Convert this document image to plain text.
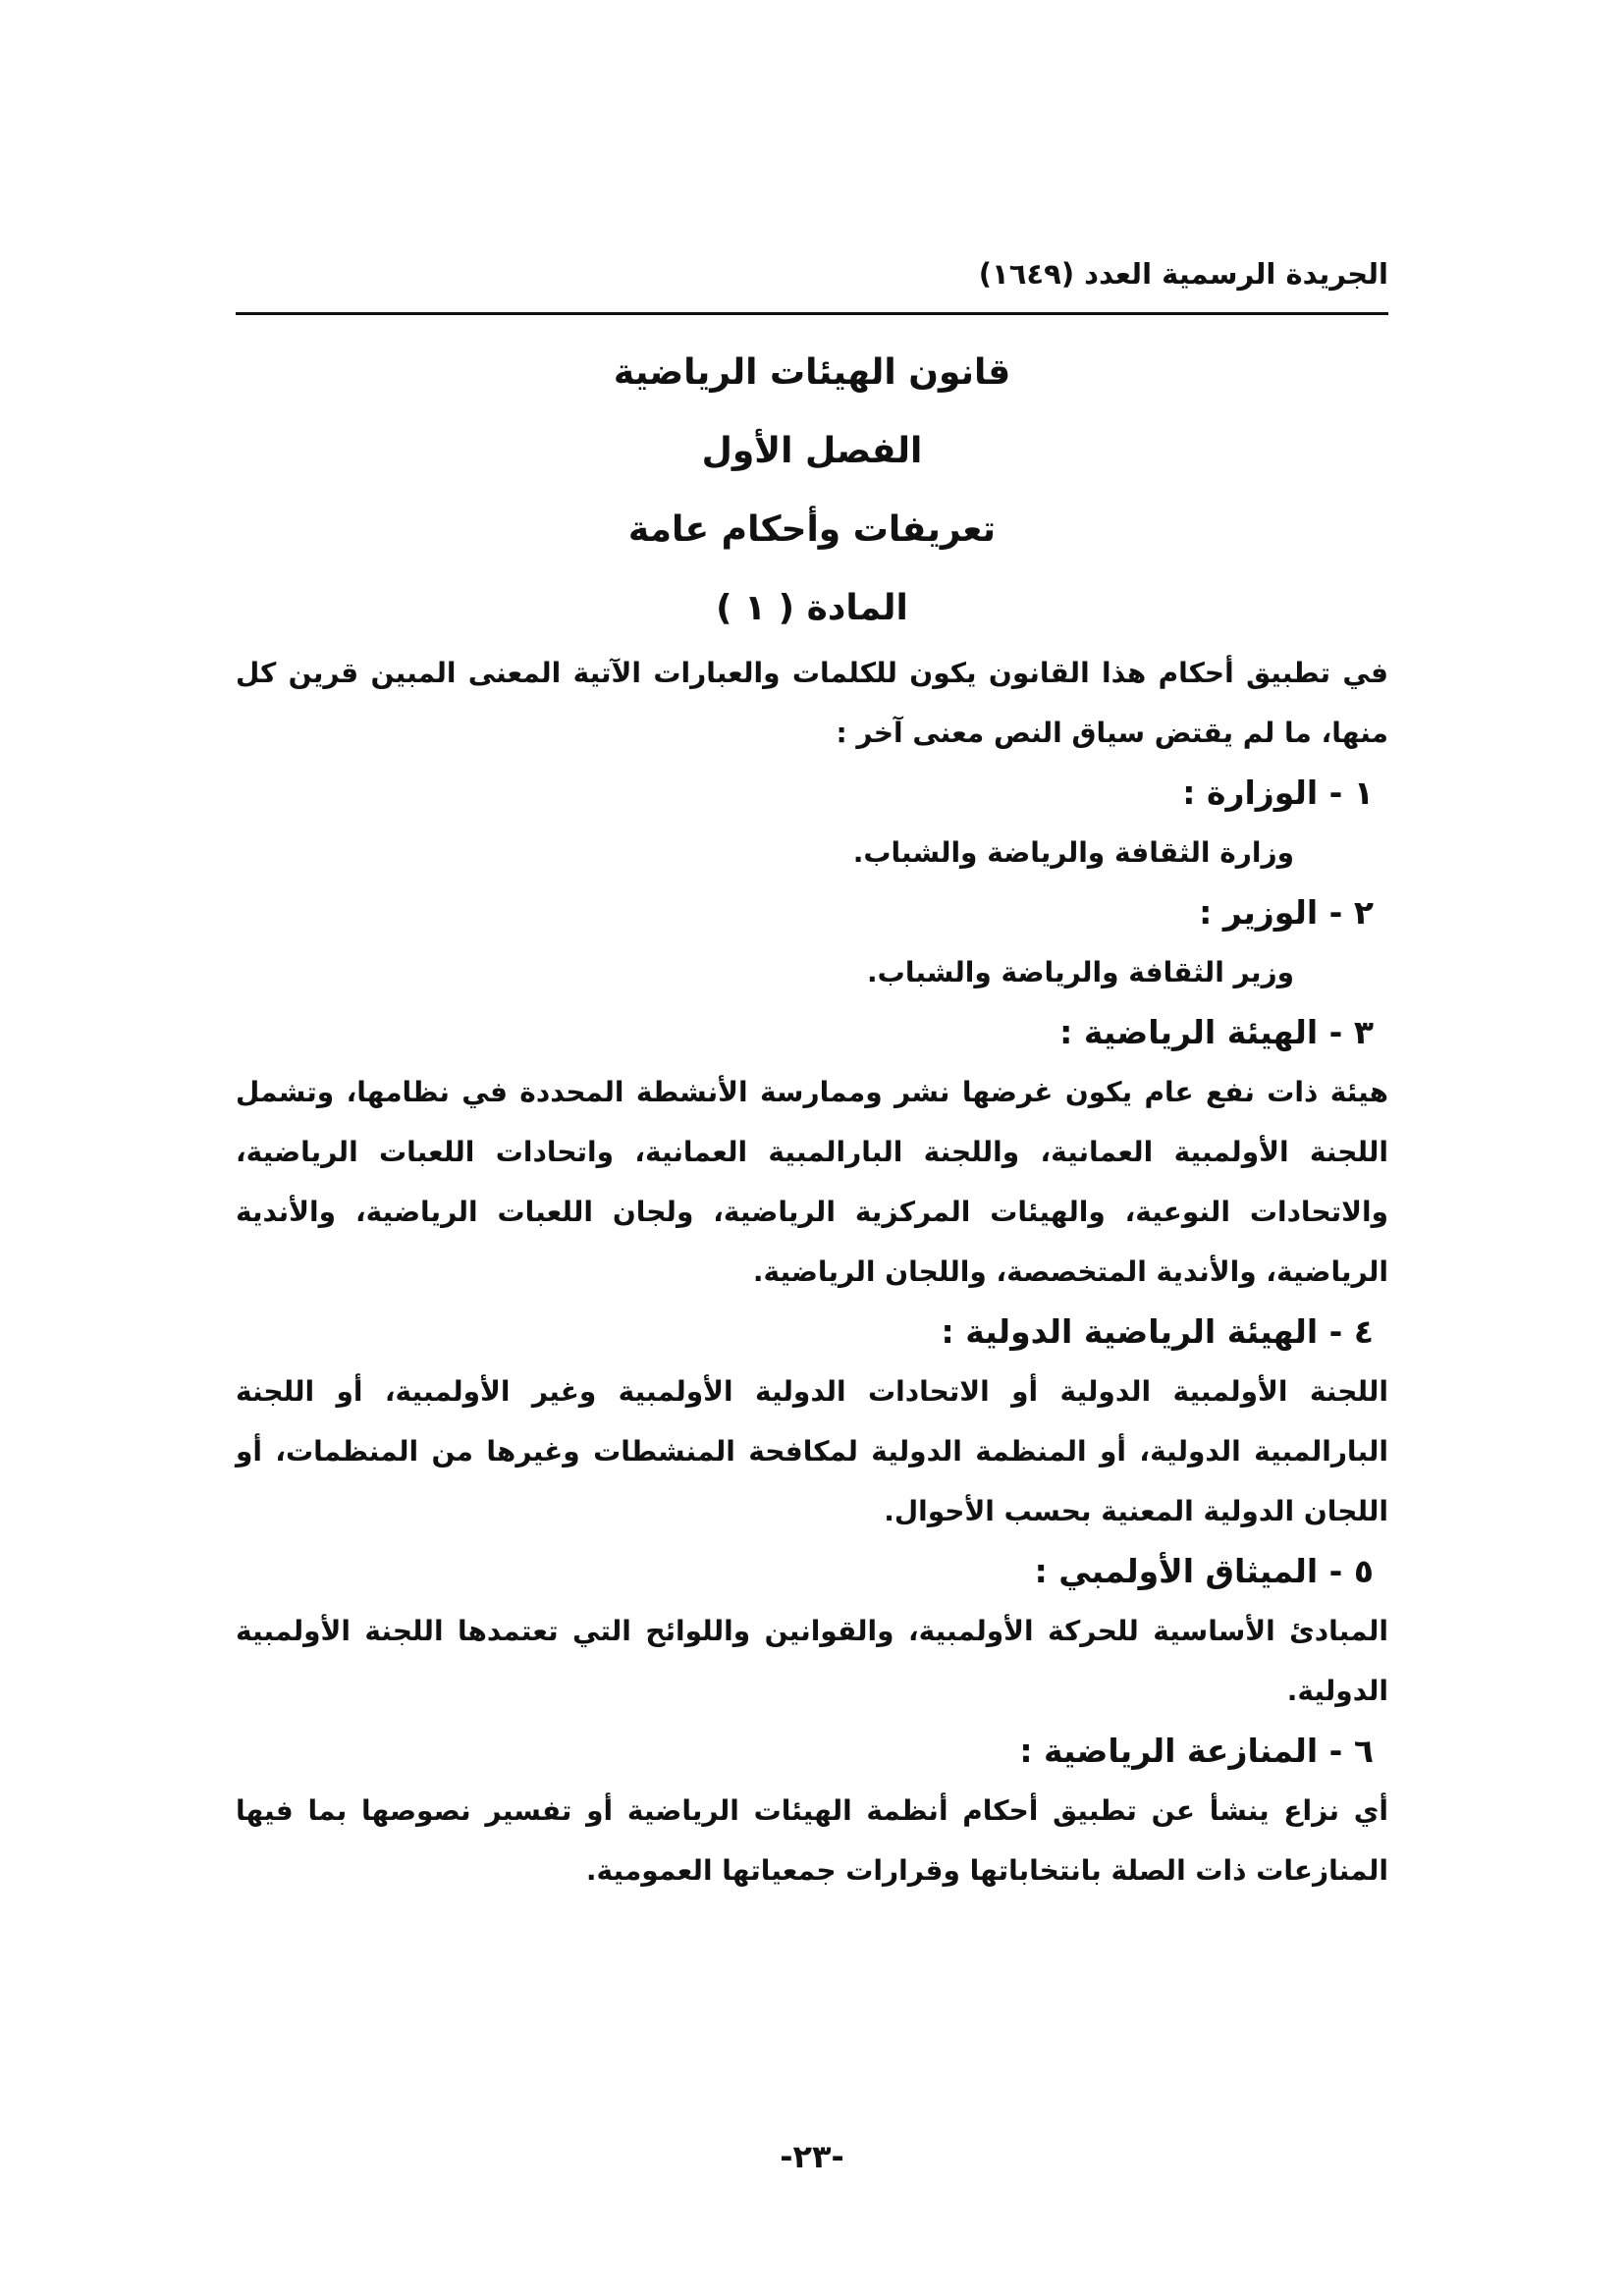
الجريدة الرسمية العدد (١٦٤٩)
قانون الهيئات الرياضية
الفصل الأول
تعريفات وأحكام عامة
المادة ( ١ )

في تطبيق أحكام هذا القانون يكون للكلمات والعبارات الآتية المعنى المبين قرين كل منها، ما لم يقتض سياق النص معنى آخر :

١ - الوزارة :

وزارة الثقافة والرياضة والشباب.

٢ - الوزير :

وزير الثقافة والرياضة والشباب.

٣ - الهيئة الرياضية :

هيئة ذات نفع عام يكون غرضها نشر وممارسة الأنشطة المحددة في نظامها، وتشمل اللجنة الأولمبية العمانية، واللجنة البارالمبية العمانية، واتحادات اللعبات الرياضية، والاتحادات النوعية، والهيئات المركزية الرياضية، ولجان اللعبات الرياضية، والأندية الرياضية، والأندية المتخصصة، واللجان الرياضية.

٤ - الهيئة الرياضية الدولية :

اللجنة الأولمبية الدولية أو الاتحادات الدولية الأولمبية وغير الأولمبية، أو اللجنة البارالمبية الدولية، أو المنظمة الدولية لمكافحة المنشطات وغيرها من المنظمات، أو اللجان الدولية المعنية بحسب الأحوال.

٥ - الميثاق الأولمبي :

المبادئ الأساسية للحركة الأولمبية، والقوانين واللوائح التي تعتمدها اللجنة الأولمبية الدولية.

٦ - المنازعة الرياضية :

أي نزاع ينشأ عن تطبيق أحكام أنظمة الهيئات الرياضية أو تفسير نصوصها بما فيها المنازعات ذات الصلة بانتخاباتها وقرارات جمعياتها العمومية.

-٢٣-
